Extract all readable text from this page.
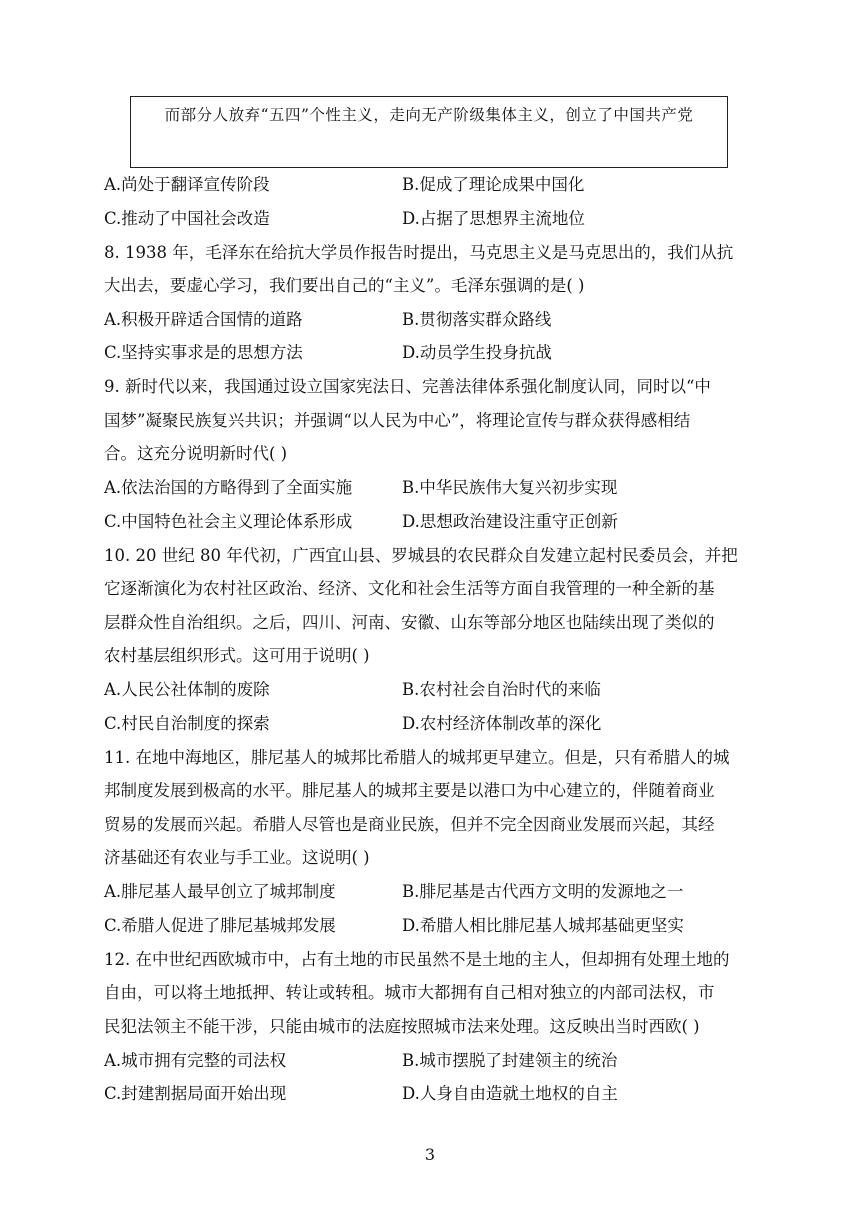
而部分人放弃“五四”个性主义，走向无产阶级集体主义，创立了中国共产党
A.尚处于翻译宣传阶段	B.促成了理论成果中国化
C.推动了中国社会改造	D.占据了思想界主流地位
8. 1938 年，毛泽东在给抗大学员作报告时提出，马克思主义是马克思出的，我们从抗
大出去，要虚心学习，我们要出自己的“主义”。毛泽东强调的是( )
A.积极开辟适合国情的道路	B.贯彻落实群众路线
C.坚持实事求是的思想方法	D.动员学生投身抗战
9. 新时代以来，我国通过设立国家宪法日、完善法律体系强化制度认同，同时以“中
国梦”凝聚民族复兴共识；并强调“以人民为中心”，将理论宣传与群众获得感相结
合。这充分说明新时代( )
A.依法治国的方略得到了全面实施	B.中华民族伟大复兴初步实现
C.中国特色社会主义理论体系形成	D.思想政治建设注重守正创新
10. 20 世纪 80 年代初，广西宜山县、罗城县的农民群众自发建立起村民委员会，并把
它逐渐演化为农村社区政治、经济、文化和社会生活等方面自我管理的一种全新的基
层群众性自治组织。之后，四川、河南、安徽、山东等部分地区也陆续出现了类似的
农村基层组织形式。这可用于说明( )
A.人民公社体制的废除	B.农村社会自治时代的来临
C.村民自治制度的探索	D.农村经济体制改革的深化
11. 在地中海地区，腓尼基人的城邦比希腊人的城邦更早建立。但是，只有希腊人的城
邦制度发展到极高的水平。腓尼基人的城邦主要是以港口为中心建立的，伴随着商业
贸易的发展而兴起。希腊人尽管也是商业民族，但并不完全因商业发展而兴起，其经
济基础还有农业与手工业。这说明( )
A.腓尼基人最早创立了城邦制度	B.腓尼基是古代西方文明的发源地之一
C.希腊人促进了腓尼基城邦发展	D.希腊人相比腓尼基人城邦基础更坚实
12. 在中世纪西欧城市中，占有土地的市民虽然不是土地的主人，但却拥有处理土地的
自由，可以将土地抵押、转让或转租。城市大都拥有自己相对独立的内部司法权，市
民犯法领主不能干涉，只能由城市的法庭按照城市法来处理。这反映出当时西欧( )
A.城市拥有完整的司法权	B.城市摆脱了封建领主的统治
C.封建割据局面开始出现	D.人身自由造就土地权的自主
3
